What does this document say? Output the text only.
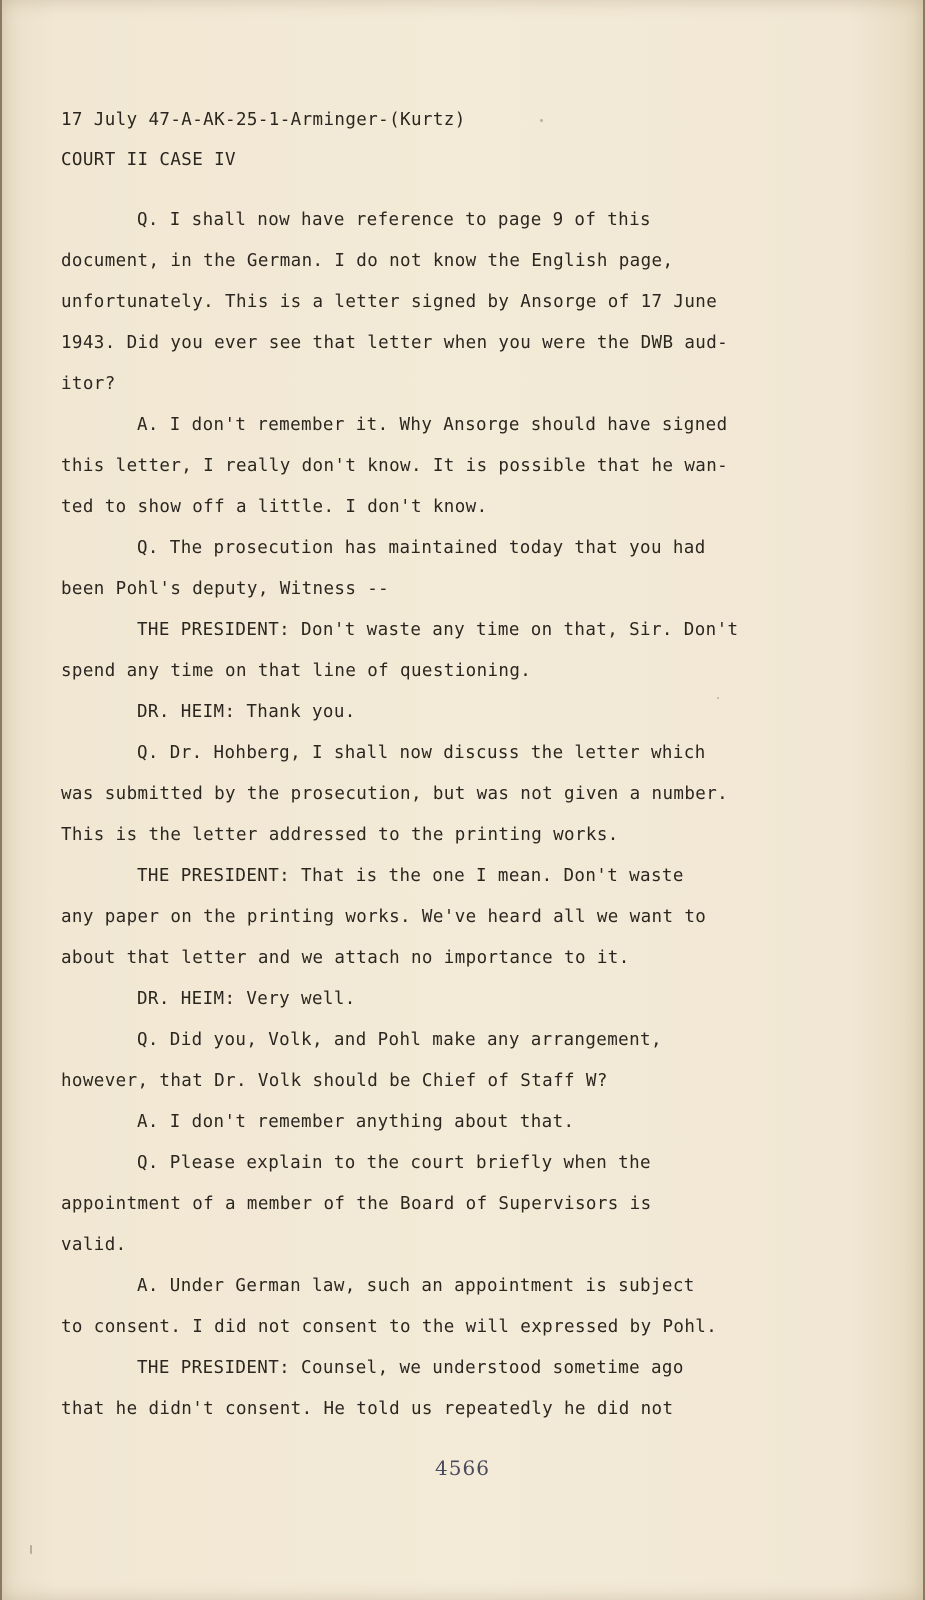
17 July 47-A-AK-25-1-Arminger-(Kurtz)
COURT II CASE IV
Q. I shall now have reference to page 9 of this
document, in the German. I do not know the English page,
unfortunately. This is a letter signed by Ansorge of 17 June
1943. Did you ever see that letter when you were the DWB aud-
itor?
A. I don't remember it. Why Ansorge should have signed
this letter, I really don't know. It is possible that he wan-
ted to show off a little. I don't know.
Q. The prosecution has maintained today that you had
been Pohl's deputy, Witness --
THE PRESIDENT: Don't waste any time on that, Sir. Don't
spend any time on that line of questioning.
DR. HEIM: Thank you.
Q. Dr. Hohberg, I shall now discuss the letter which
was submitted by the prosecution, but was not given a number.
This is the letter addressed to the printing works.
THE PRESIDENT: That is the one I mean. Don't waste
any paper on the printing works. We've heard all we want to
about that letter and we attach no importance to it.
DR. HEIM: Very well.
Q. Did you, Volk, and Pohl make any arrangement,
however, that Dr. Volk should be Chief of Staff W?
A. I don't remember anything about that.
Q. Please explain to the court briefly when the
appointment of a member of the Board of Supervisors is
valid.
A. Under German law, such an appointment is subject
to consent. I did not consent to the will expressed by Pohl.
THE PRESIDENT: Counsel, we understood sometime ago
that he didn't consent. He told us repeatedly he did not
4566
